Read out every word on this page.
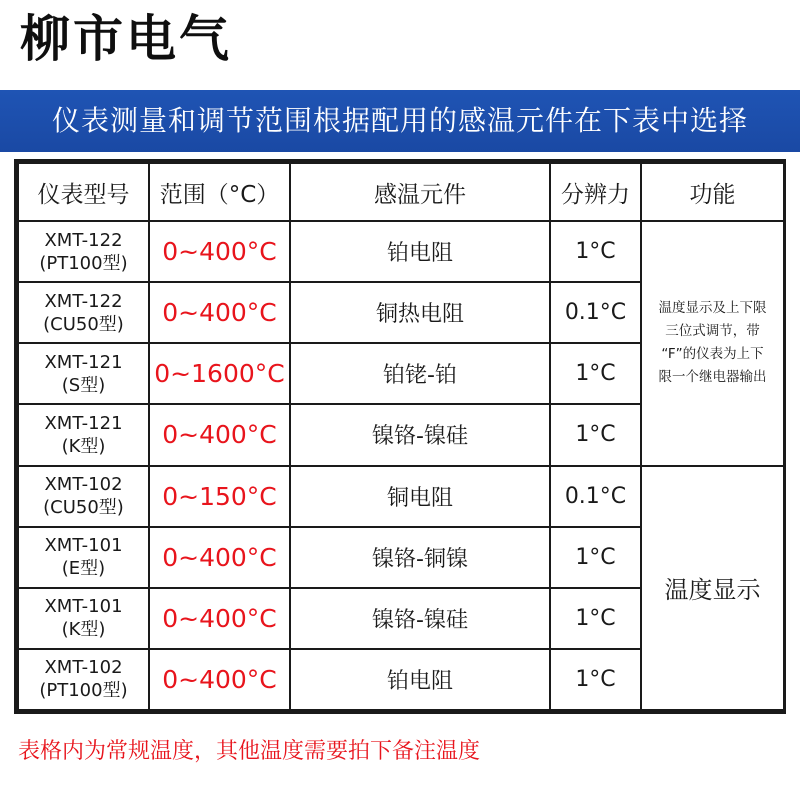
柳市电气
仪表测量和调节范围根据配用的感温元件在下表中选择
仪表型号	范围（°C）	感温元件	分辨力	功能

XMT-122
(PT100型)	0~400°C	铂电阻	1°C	温度显示及上下限
三位式调节，带
“F”的仪表为上下
限一个继电器输出

XMT-122
(CU50型)	0~400°C	铜热电阻	0.1°C	

XMT-121
(S型)	0~1600°C	铂铑-铂	1°C	

XMT-121
(K型)	0~400°C	镍铬-镍硅	1°C	

XMT-102
(CU50型)	0~150°C	铜电阻	0.1°C	温度显示

XMT-101
(E型)	0~400°C	镍铬-铜镍	1°C	

XMT-101
(K型)	0~400°C	镍铬-镍硅	1°C	

XMT-102
(PT100型)	0~400°C	铂电阻	1°C	
表格内为常规温度，其他温度需要拍下备注温度
